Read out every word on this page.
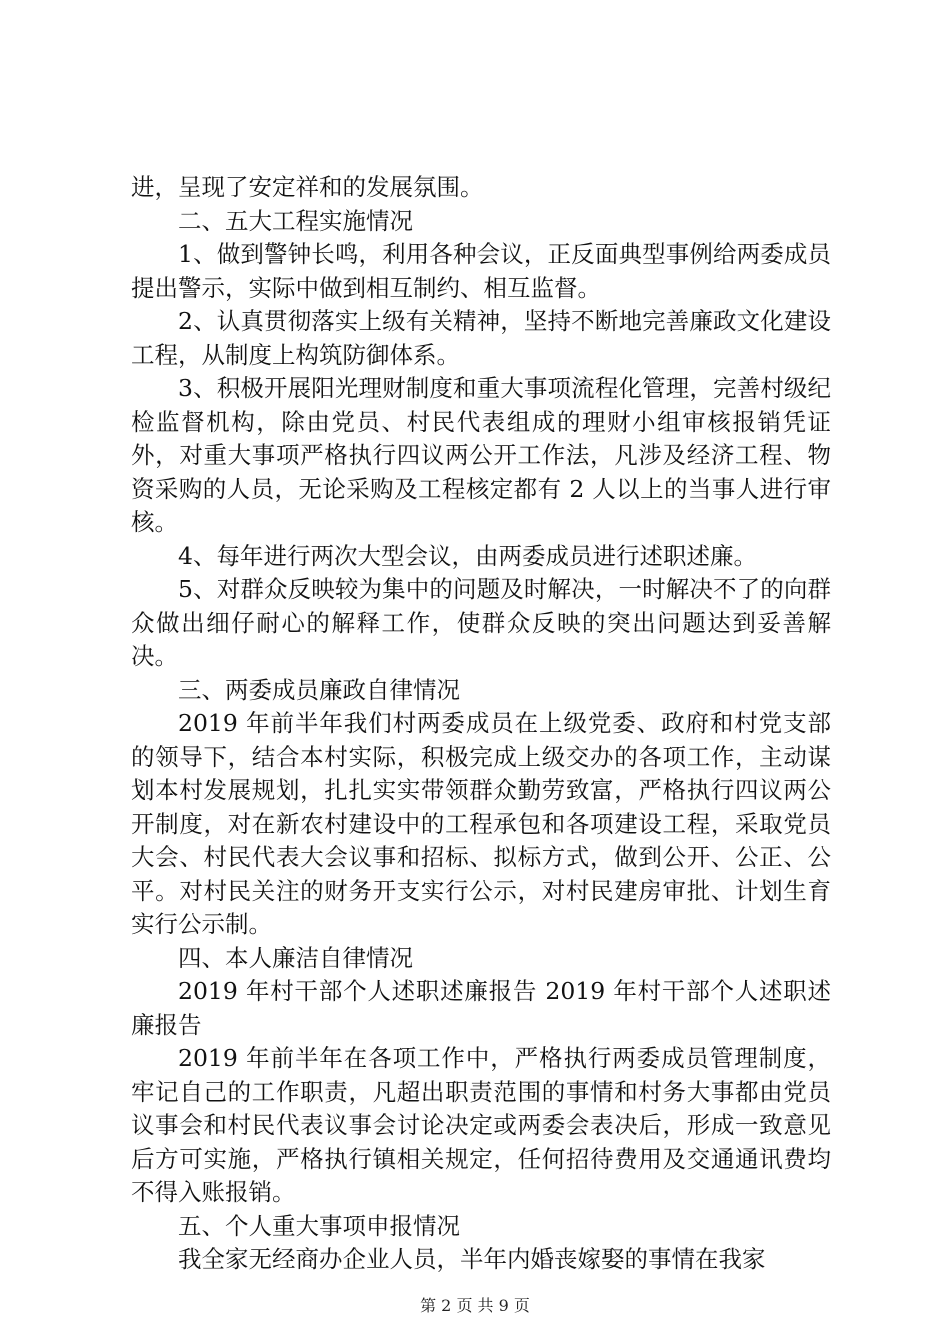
进，呈现了安定祥和的发展氛围。

二、五大工程实施情况

1、做到警钟长鸣，利用各种会议，正反面典型事例给两委成员提出警示，实际中做到相互制约、相互监督。

2、认真贯彻落实上级有关精神，坚持不断地完善廉政文化建设工程，从制度上构筑防御体系。

3、积极开展阳光理财制度和重大事项流程化管理，完善村级纪检监督机构，除由党员、村民代表组成的理财小组审核报销凭证外，对重大事项严格执行四议两公开工作法，凡涉及经济工程、物资采购的人员，无论采购及工程核定都有 2 人以上的当事人进行审核。

4、每年进行两次大型会议，由两委成员进行述职述廉。

5、对群众反映较为集中的问题及时解决，一时解决不了的向群众做出细仔耐心的解释工作，使群众反映的突出问题达到妥善解决。

三、两委成员廉政自律情况

2019 年前半年我们村两委成员在上级党委、政府和村党支部的领导下，结合本村实际，积极完成上级交办的各项工作，主动谋划本村发展规划，扎扎实实带领群众勤劳致富，严格执行四议两公开制度，对在新农村建设中的工程承包和各项建设工程，采取党员大会、村民代表大会议事和招标、拟标方式，做到公开、公正、公平。对村民关注的财务开支实行公示，对村民建房审批、计划生育实行公示制。

四、本人廉洁自律情况

2019 年村干部个人述职述廉报告 2019 年村干部个人述职述廉报告

2019 年前半年在各项工作中，严格执行两委成员管理制度，牢记自己的工作职责，凡超出职责范围的事情和村务大事都由党员议事会和村民代表议事会讨论决定或两委会表决后，形成一致意见后方可实施，严格执行镇相关规定，任何招待费用及交通通讯费均不得入账报销。

五、个人重大事项申报情况

我全家无经商办企业人员，半年内婚丧嫁娶的事情在我家

第 2 页 共 9 页
